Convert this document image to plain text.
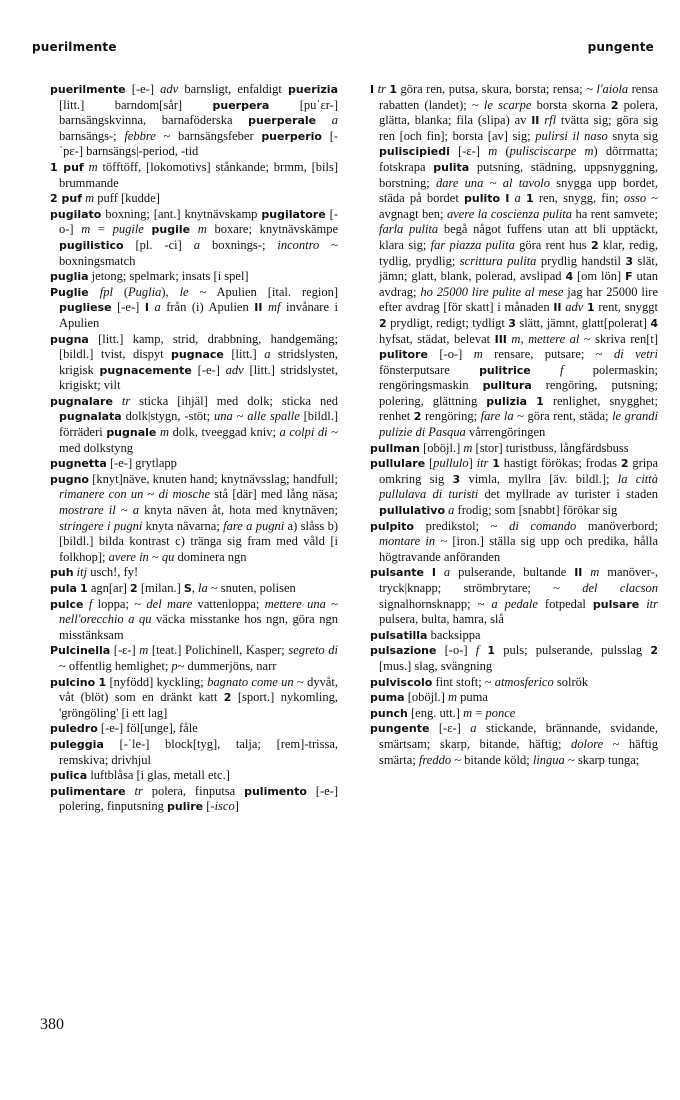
puerilmente	pungente

puerilmente [-e-] adv barnsligt, enfaldigt puerizia [litt.] barndom[sår] puerpera [puˈɛr-] barnsängskvinna, barnaföderska puerperale a barnsängs-; febbre ~ barnsängsfeber puerperio [-ˈpɛ-] barnsängs|-period, -tid

1 puf m töfftöff, [lokomotivs] stånkande; brmm, [bils] brummande

2 puf m puff [kudde]

pugilato boxning; [ant.] knytnävskamp pugilatore [-o-] m = pugile pugile m boxare; knytnävskämpe pugilistico [pl. -ci] a boxnings-; incontro ~ boxningsmatch

puglia jetong; spelmark; insats [i spel]

Puglie fpl (Puglia), le ~ Apulien [ital. region] pugliese [-e-] I a från (i) Apulien II mf invånare i Apulien

pugna [litt.] kamp, strid, drabbning, handgemäng; [bildl.] tvist, dispyt pugnace [litt.] a stridslysten, krigisk pugnacemente [-e-] adv [litt.] stridslystet, krigiskt; vilt

pugnalare tr sticka [ihjäl] med dolk; sticka ned pugnalata dolk|stygn, -stöt; una ~ alle spalle [bildl.] förräderi pugnale m dolk, tveeggad kniv; a colpi di ~ med dolkstyng

pugnetta [-e-] grytlapp

pugno [knyt]näve, knuten hand; knytnävsslag; handfull; rimanere con un ~ di mosche stå [där] med lång näsa; mostrare il ~ a knyta näven åt, hota med knytnäven; stringere i pugni knyta nävarna; fare a pugni a) slåss b) [bildl.] bilda kontrast c) tränga sig fram med våld [i folkhop]; avere in ~ qu dominera ngn

puh itj usch!, fy!

pula 1 agn[ar] 2 [milan.] S, la ~ snuten, polisen

pulce f loppa; ~ del mare vattenloppa; mettere una ~ nell'orecchio a qu väcka misstanke hos ngn, göra ngn misstänksam

Pulcinella [-ɛ-] m [teat.] Polichinell, Kasper; segreto di ~ offentlig hemlighet; p~ dummerjöns, narr

pulcino 1 [nyfödd] kyckling; bagnato come un ~ dyvåt, våt (blöt) som en dränkt katt 2 [sport.] nykomling, 'gröngöling' [i ett lag]

puledro [-e-] föl[unge], fåle

puleggia [-ˈle-] block[tyg], talja; [rem]-trissa, remskiva; drivhjul

pulica luftblåsa [i glas, metall etc.]

pulimentare tr polera, finputsa pulimento [-e-] polering, finputsning pulire [-isco]

I tr 1 göra ren, putsa, skura, borsta; rensa; ~ l'aiola rensa rabatten (landet); ~ le scarpe borsta skorna 2 polera, glätta, blanka; fila (slipa) av II rfl tvätta sig; göra sig ren [och fin]; borsta [av] sig; pulirsi il naso snyta sig puliscipiedi [-ɛ-] m (pulisciscarpe m) dörrmatta; fotskrapa pulita putsning, städning, uppsnyggning, borstning; dare una ~ al tavolo snygga upp bordet, städa på bordet pulito I a 1 ren, snygg, fin; osso ~ avgnagt ben; avere la coscienza pulita ha rent samvete; farla pulita begå något fuffens utan att bli upptäckt, klara sig; far piazza pulita göra rent hus 2 klar, redig, tydlig, prydlig; scrittura pulita prydlig handstil 3 slät, jämn; glatt, blank, polerad, avslipad 4 [om lön] F utan avdrag; ho 25000 lire pulite al mese jag har 25000 lire efter avdrag [för skatt] i månaden II adv 1 rent, snyggt 2 prydligt, redigt; tydligt 3 slätt, jämnt, glatt[polerat] 4 hyfsat, städat, belevat III m, mettere al ~ skriva ren[t] pulitore [-o-] m rensare, putsare; ~ di vetri fönsterputsare pulitrice f polermaskin; rengöringsmaskin pulitura rengöring, putsning; polering, glättning pulizia 1 renlighet, snygghet; renhet 2 rengöring; fare la ~ göra rent, städa; le grandi pulizie di Pasqua vårrengöringen

pullman [oböjl.] m [stor] turistbuss, långfärdsbuss

pullulare [pullulo] itr 1 hastigt förökas; frodas 2 gripa omkring sig 3 vimla, myllra [äv. bildl.]; la città pullulava di turisti det myllrade av turister i staden pullulativo a frodig; som [snabbt] förökar sig

pulpito predikstol; ~ di comando manöverbord; montare in ~ [iron.] ställa sig upp och predika, hålla högtravande anföranden

pulsante I a pulserande, bultande II m manöver-, tryck|knapp; strömbrytare; ~ del clacson signalhornsknapp; ~ a pedale fotpedal pulsare itr pulsera, bulta, hamra, slå

pulsatilla backsippa

pulsazione [-o-] f 1 puls; pulserande, pulsslag 2 [mus.] slag, svängning

pulviscolo fint stoft; ~ atmosferico solrök

puma [oböjl.] m puma

punch [eng. utt.] m = ponce

pungente [-ɛ-] a stickande, brännande, svidande, smärtsam; skarp, bitande, häftig; dolore ~ häftig smärta; freddo ~ bitande köld; lingua ~ skarp tunga;

380
